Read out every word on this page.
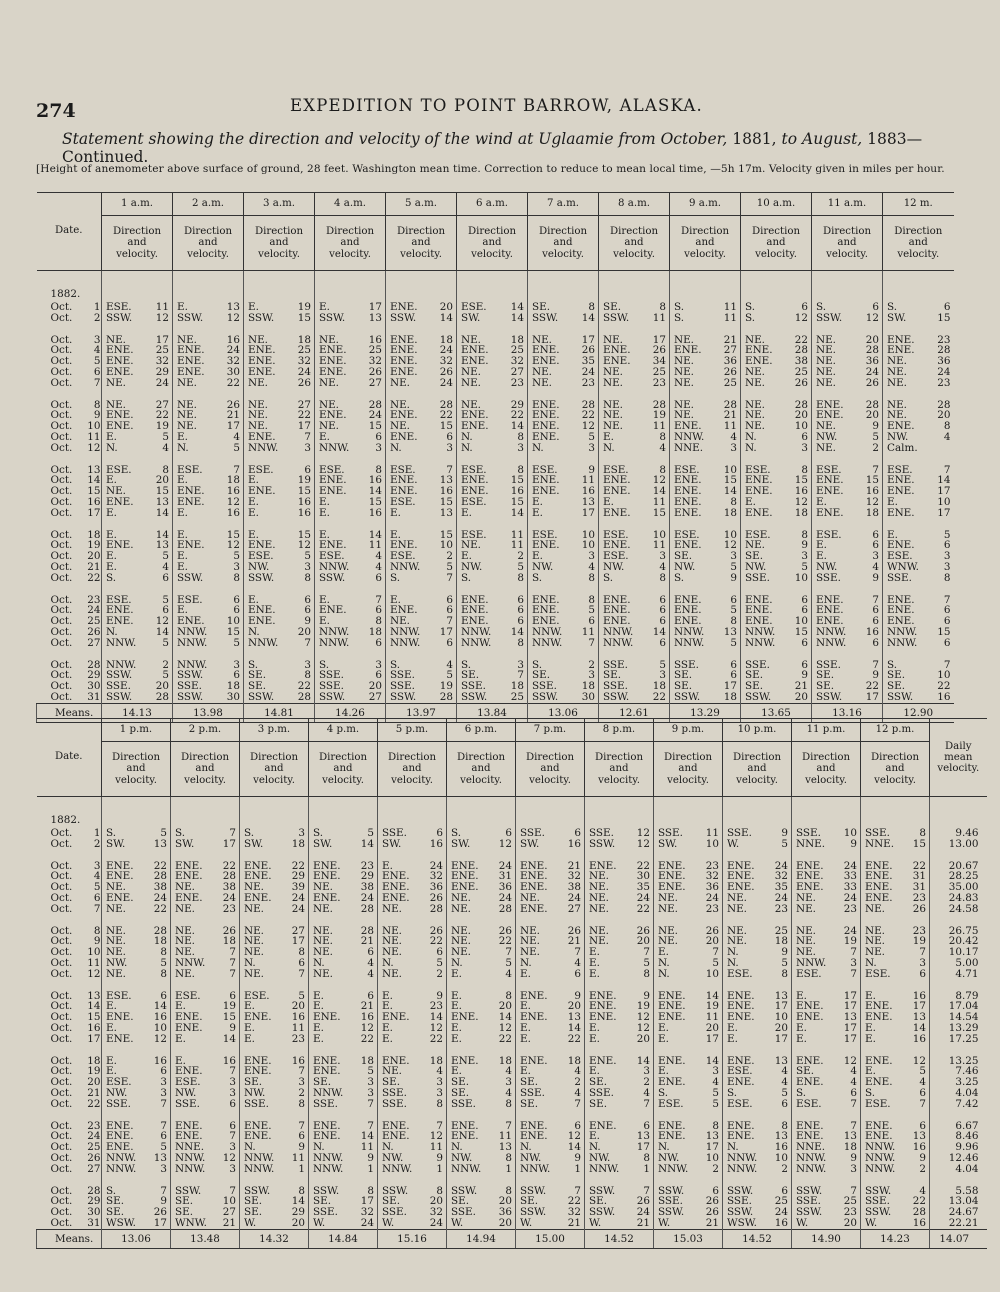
274	EXPEDITION TO POINT BARROW, ALASKA.
Statement showing the direction and velocity of the wind at Uglaamie from October, 1881, to August, 1883—Continued.
[Height of anemometer above surface of ground, 28 feet. Washington mean time. Correction to reduce to mean local time, —5h 17m. Velocity given in miles per hour.
Date.	1 a.m.	2 a.m.	3 a.m.	4 a.m.	5 a.m.	6 a.m.	7 a.m.	8 a.m.	9 a.m.	10 a.m.	11 a.m.	12 m.

	Direction
and
velocity.	Direction
and
velocity.	Direction
and
velocity.	Direction
and
velocity.	Direction
and
velocity.	Direction
and
velocity.	Direction
and
velocity.	Direction
and
velocity.	Direction
and
velocity.	Direction
and
velocity.	Direction
and
velocity.	Direction
and
velocity.

1882.												

Oct. 1	ESE. 11	E. 13	E. 19	E. 17	ENE. 20	ESE. 14	SE. 8	SE. 8	S. 11	S. 6	S. 6	S. 6

Oct. 2	SSW. 12	SSW. 12	SSW. 15	SSW. 13	SSW. 14	SW. 14	SSW. 14	SSW. 11	S. 11	S. 12	SSW. 12	SW. 15

Oct. 3	NE. 17	NE. 16	NE. 18	NE. 16	ENE. 18	NE. 18	NE. 17	NE. 17	NE. 21	NE. 22	NE. 20	ENE. 23

Oct. 4	ENE. 25	ENE. 24	ENE. 25	ENE. 25	ENE. 24	ENE. 25	ENE. 26	ENE. 26	ENE. 27	ENE. 28	NE. 28	ENE. 28

Oct. 5	ENE. 32	ENE. 32	ENE. 32	ENE. 32	ENE. 32	ENE. 32	ENE. 35	ENE. 34	NE. 36	ENE. 38	NE. 36	NE. 36

Oct. 6	ENE. 29	ENE. 30	ENE. 24	ENE. 26	ENE. 26	NE. 27	NE. 24	NE. 25	NE. 26	NE. 25	NE. 24	NE. 24

Oct. 7	NE. 24	NE. 22	NE. 26	NE. 27	NE. 24	NE. 23	NE. 23	NE. 23	NE. 25	NE. 26	NE. 26	NE. 23

Oct. 8	NE. 27	NE. 26	NE. 27	NE. 28	NE. 28	NE. 29	ENE. 28	NE. 28	NE. 28	NE. 28	ENE. 28	NE. 28

Oct. 9	ENE. 22	NE. 21	NE. 22	ENE. 24	ENE. 22	ENE. 22	ENE. 22	NE. 19	NE. 21	NE. 20	ENE. 20	NE. 20

Oct. 10	ENE. 19	NE. 17	NE. 17	NE. 15	NE. 15	ENE. 14	ENE. 12	NE. 11	ENE. 11	NE. 10	NE. 9	ENE. 8

Oct. 11	E. 5	E. 4	ENE. 7	E. 6	ENE. 6	N. 8	ENE. 5	E. 8	NNW. 4	N. 6	NW. 5	NW. 4

Oct. 12	N. 4	N. 5	NNW. 3	NNW. 3	N. 3	N. 3	N. 3	N. 4	NNE. 3	N. 3	NE. 2	Calm.

Oct. 13	ESE. 8	ESE. 7	ESE. 6	ESE. 8	ESE. 7	ESE. 8	ESE. 9	ESE. 8	ESE. 10	ESE. 8	ESE. 7	ESE. 7

Oct. 14	E. 20	E. 18	E. 19	ENE. 16	ENE. 13	ENE. 15	ENE. 11	ENE. 12	ENE. 15	ENE. 15	ENE. 15	ENE. 14

Oct. 15	NE. 15	ENE. 16	ENE. 15	ENE. 14	ENE. 16	ENE. 16	ENE. 16	ENE. 14	ENE. 14	ENE. 16	ENE. 16	ENE. 17

Oct. 16	ENE. 13	ENE. 12	E. 16	E. 15	ESE. 15	ESE. 15	E. 13	E. 11	ENE. 8	E. 12	E. 12	E. 10

Oct. 17	E. 14	E. 16	E. 16	E. 16	E. 13	E. 14	E. 17	ENE. 15	ENE. 18	ENE. 18	ENE. 18	ENE. 17

Oct. 18	E. 14	E. 15	E. 15	E. 14	E. 15	ESE. 11	ESE. 10	ESE. 10	ESE. 10	ESE. 8	ESE. 6	E. 5

Oct. 19	ENE. 13	ENE. 12	ENE. 12	ENE. 11	ENE. 10	NE. 11	ENE. 10	ENE. 11	ENE. 12	NE. 9	E. 6	ENE. 6

Oct. 20	E. 5	E. 5	ESE. 5	ESE. 4	ESE. 2	E. 2	E. 3	ESE. 3	SE. 3	SE. 3	E. 3	ESE. 3

Oct. 21	E. 4	E. 3	NW. 3	NNW. 4	NNW. 5	NW. 5	NW. 4	NW. 4	NW. 5	NW. 5	NW. 4	WNW. 3

Oct. 22	S. 6	SSW. 8	SSW. 8	SSW. 6	S. 7	S. 8	S. 8	S. 8	S. 9	SSE. 10	SSE. 9	SSE. 8

Oct. 23	ESE. 5	ESE. 6	E. 6	E. 7	E. 6	ENE. 6	ENE. 8	ENE. 6	ENE. 6	ENE. 6	ENE. 7	ENE. 7

Oct. 24	ENE. 6	E. 6	ENE. 6	ENE. 6	ENE. 6	ENE. 6	ENE. 5	ENE. 6	ENE. 5	ENE. 6	ENE. 6	ENE. 6

Oct. 25	ENE. 12	ENE. 10	ENE. 9	E. 8	NE. 7	ENE. 6	ENE. 6	ENE. 6	ENE. 8	ENE. 10	ENE. 6	ENE. 6

Oct. 26	N. 14	NNW. 15	N. 20	NNW. 18	NNW. 17	NNW. 14	NNW. 11	NNW. 14	NNW. 13	NNW. 15	NNW. 16	NNW. 15

Oct. 27	NNW. 5	NNW. 5	NNW. 7	NNW. 6	NNW. 6	NNW. 8	NNW. 7	NNW. 6	NNW. 5	NNW. 6	NNW. 6	NNW. 6

Oct. 28	NNW. 2	NNW. 3	S. 3	S. 3	S. 4	S. 3	S. 2	SSE. 5	SSE. 6	SSE. 6	SSE. 7	S. 7

Oct. 29	SSW. 5	SSW. 6	SE. 8	SSE. 6	SSE. 5	SE. 7	SE. 3	SE. 3	SE. 6	SE. 9	SE. 9	SE. 10

Oct. 30	SSE. 20	SSE. 18	SE. 22	SSE. 20	SSE. 19	SSE. 18	SSE. 18	SSE. 18	SE. 17	SE. 21	SE. 22	SE. 22

Oct. 31	SSW. 28	SSW. 30	SSW. 28	SSW. 27	SSW. 28	SSW. 25	SSW. 30	SSW. 22	SSW. 18	SSW. 20	SSW. 17	SSW. 16

Means.	14.13	13.98	14.81	14.26	13.97	13.84	13.06	12.61	13.29	13.65	13.16	12.90
Date.	1 p.m.	2 p.m.	3 p.m.	4 p.m.	5 p.m.	6 p.m.	7 p.m.	8 p.m.	9 p.m.	10 p.m.	11 p.m.	12 p.m.	Daily mean velocity.

	Direction
and
velocity.	Direction
and
velocity.	Direction
and
velocity.	Direction
and
velocity.	Direction
and
velocity.	Direction
and
velocity.	Direction
and
velocity.	Direction
and
velocity.	Direction
and
velocity.	Direction
and
velocity.	Direction
and
velocity.	Direction
and
velocity.	

1882.													

Oct. 1	S. 5	S. 7	S. 3	S. 5	SSE. 6	S. 6	SSE. 6	SSE. 12	SSE. 11	SSE. 9	SSE. 10	SSE. 8	9.46

Oct. 2	SW. 13	SW. 17	SW. 18	SW. 14	SW. 16	SW. 12	SW. 16	SSW. 12	SW. 10	W. 5	NNE. 9	NNE. 15	13.00

Oct. 3	ENE. 22	ENE. 22	ENE. 22	ENE. 23	E. 24	ENE. 24	ENE. 21	ENE. 22	ENE. 23	ENE. 24	ENE. 24	ENE. 22	20.67

Oct. 4	ENE. 28	ENE. 28	ENE. 29	ENE. 29	ENE. 32	ENE. 31	ENE. 32	NE. 30	ENE. 32	ENE. 32	ENE. 33	ENE. 31	28.25

Oct. 5	NE. 38	NE. 38	NE. 39	NE. 38	ENE. 36	ENE. 36	ENE. 38	NE. 35	ENE. 36	ENE. 35	ENE. 33	ENE. 31	35.00

Oct. 6	ENE. 24	ENE. 24	ENE. 24	ENE. 24	ENE. 26	NE. 24	NE. 24	NE. 24	NE. 24	NE. 24	NE. 24	ENE. 23	24.83

Oct. 7	NE. 22	NE. 23	NE. 24	NE. 28	NE. 28	NE. 28	ENE. 27	NE. 22	NE. 23	NE. 23	NE. 23	NE. 26	24.58

Oct. 8	NE. 28	NE. 26	NE. 27	NE. 28	NE. 26	NE. 26	NE. 26	NE. 26	NE. 26	NE. 25	NE. 24	NE. 23	26.75

Oct. 9	NE. 18	NE. 18	NE. 17	NE. 21	NE. 22	NE. 22	NE. 21	NE. 20	NE. 20	NE. 18	NE. 19	NE. 19	20.42

Oct. 10	NE. 8	NE. 7	NE. 8	NE. 6	NE. 6	NE. 7	NE. 7	E. 7	E. 7	N. 9	NE. 7	NE. 7	10.17

Oct. 11	NW. 5	NNW. 7	N. 6	N. 4	N. 5	N. 5	N. 4	E. 5	N. 5	N. 5	NNW. 3	N. 3	5.00

Oct. 12	NE. 8	NE. 7	NE. 7	NE. 4	NE. 2	E. 4	E. 6	E. 8	N. 10	ESE. 8	ESE. 7	ESE. 6	4.71

Oct. 13	ESE. 6	ESE. 6	ESE. 5	E. 6	E. 9	E. 8	ENE. 9	ENE. 9	ENE. 14	ENE. 13	E. 17	E. 16	8.79

Oct. 14	E. 14	E. 19	E. 20	E. 21	E. 23	E. 20	E. 20	ENE. 19	ENE. 19	ENE. 17	ENE. 17	ENE. 17	17.04

Oct. 15	ENE. 16	ENE. 15	ENE. 16	ENE. 16	ENE. 14	ENE. 14	ENE. 13	ENE. 12	ENE. 11	ENE. 10	ENE. 13	ENE. 13	14.54

Oct. 16	E. 10	ENE. 9	E. 11	E. 12	E. 12	E. 12	E. 14	E. 12	E. 20	E. 20	E. 17	E. 14	13.29

Oct. 17	ENE. 12	E. 14	E. 23	E. 22	E. 22	E. 22	E. 22	E. 20	E. 17	E. 17	E. 17	E. 16	17.25

Oct. 18	E. 16	E. 16	ENE. 16	ENE. 18	ENE. 18	ENE. 18	ENE. 18	ENE. 14	ENE. 14	ENE. 13	ENE. 12	ENE. 12	13.25

Oct. 19	E. 6	ENE. 7	ENE. 7	ENE. 5	NE. 4	E. 4	E. 4	E. 3	E. 3	ESE. 4	SE. 4	E. 5	7.46

Oct. 20	ESE. 3	ESE. 3	SE. 3	SE. 3	SE. 3	SE. 3	SE. 2	SE. 2	ENE. 4	ENE. 4	ENE. 4	ENE. 4	3.25

Oct. 21	NW. 3	NW. 3	NW. 2	NNW. 3	SSE. 3	SE. 4	SSE. 4	SSE. 4	S. 5	S. 5	S. 6	S. 6	4.04

Oct. 22	SSE. 7	SSE. 6	SSE. 8	SSE. 7	SSE. 8	SSE. 8	SE. 7	SE. 7	ESE. 5	ESE. 6	ESE. 7	ESE. 7	7.42

Oct. 23	ENE. 7	ENE. 6	ENE. 7	ENE. 7	ENE. 7	ENE. 7	ENE. 6	ENE. 6	ENE. 8	ENE. 8	ENE. 7	ENE. 6	6.67

Oct. 24	ENE. 6	ENE. 7	ENE. 6	ENE. 14	ENE. 12	ENE. 11	ENE. 12	E. 13	ENE. 13	ENE. 13	ENE. 13	ENE. 13	8.46

Oct. 25	ENE. 5	NNE. 3	N. 9	N. 11	N. 11	N. 13	N. 14	N. 17	N. 17	N. 16	NNE. 18	NNW. 16	9.96

Oct. 26	NNW. 13	NNW. 12	NNW. 11	NNW. 9	NW. 9	NW. 8	NW. 9	NW. 8	NW. 10	NNW. 10	NNW. 9	NNW. 9	12.46

Oct. 27	NNW. 3	NNW. 3	NNW. 1	NNW. 1	NNW. 1	NNW. 1	NNW. 1	NNW. 1	NNW. 2	NNW. 2	NNW. 3	NNW. 2	4.04

Oct. 28	S. 7	SSW. 7	SSW. 8	SSW. 8	SSW. 8	SSW. 8	SSW. 7	SSW. 7	SSW. 6	SSW. 6	SSW. 7	SSW. 4	5.58

Oct. 29	SE. 9	SE. 10	SE. 14	SE. 17	SE. 20	SE. 20	SE. 22	SE. 26	SSE. 26	SSE. 25	SSE. 25	SSE. 22	13.04

Oct. 30	SE. 26	SE. 27	SE. 29	SSE. 32	SSE. 32	SSE. 36	SSW. 32	SSW. 24	SSW. 26	SSW. 24	SSW. 23	SSW. 28	24.67

Oct. 31	WSW. 17	WNW. 21	W. 20	W. 24	W. 24	W. 20	W. 21	W. 21	W. 21	WSW. 16	W. 20	W. 16	22.21
Means.	13.06	13.48	14.32	14.84	15.16	14.94	15.00	14.52	15.03	14.52	14.90	14.23	14.07
